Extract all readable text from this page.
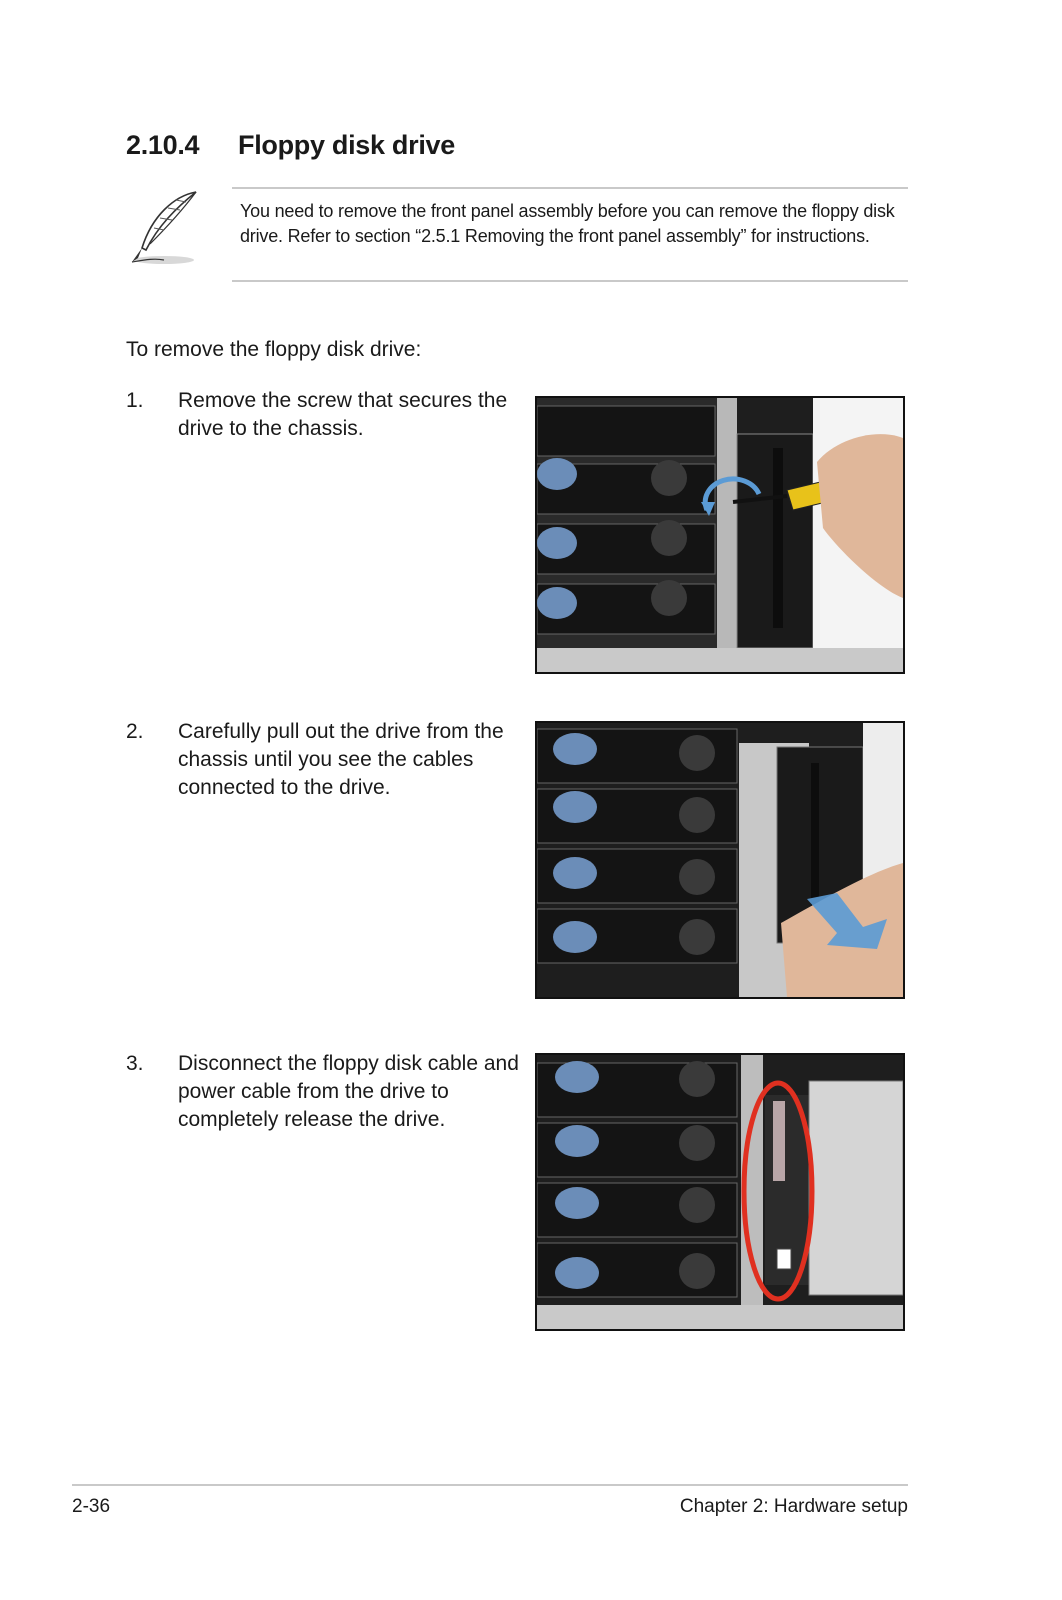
2.10.4 Floppy disk drive
You need to remove the front panel assembly before you can remove the floppy disk drive. Refer to section “2.5.1 Removing the front panel assembly” for instructions.
To remove the floppy disk drive:
1. Remove the screw that secures the drive to the chassis.
2. Carefully pull out the drive from the chassis until you see the cables connected to the drive.
3. Disconnect the floppy disk cable and power cable from the drive to completely release the drive.
2-36	Chapter 2: Hardware setup
